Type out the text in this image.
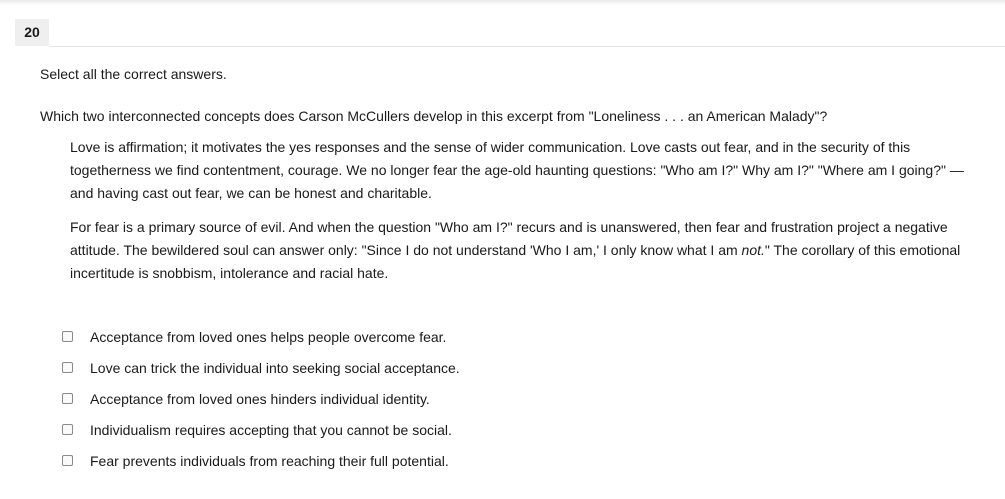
20
Select all the correct answers.
Which two interconnected concepts does Carson McCullers develop in this excerpt from "Loneliness . . . an American Malady"?
Love is affirmation; it motivates the yes responses and the sense of wider communication. Love casts out fear, and in the security of this togetherness we find contentment, courage. We no longer fear the age-old haunting questions: "Who am I?" Why am I?" "Where am I going?" — and having cast out fear, we can be honest and charitable.
For fear is a primary source of evil. And when the question "Who am I?" recurs and is unanswered, then fear and frustration project a negative attitude. The bewildered soul can answer only: "Since I do not understand 'Who I am,' I only know what I am not." The corollary of this emotional incertitude is snobbism, intolerance and racial hate.
Acceptance from loved ones helps people overcome fear.
Love can trick the individual into seeking social acceptance.
Acceptance from loved ones hinders individual identity.
Individualism requires accepting that you cannot be social.
Fear prevents individuals from reaching their full potential.
